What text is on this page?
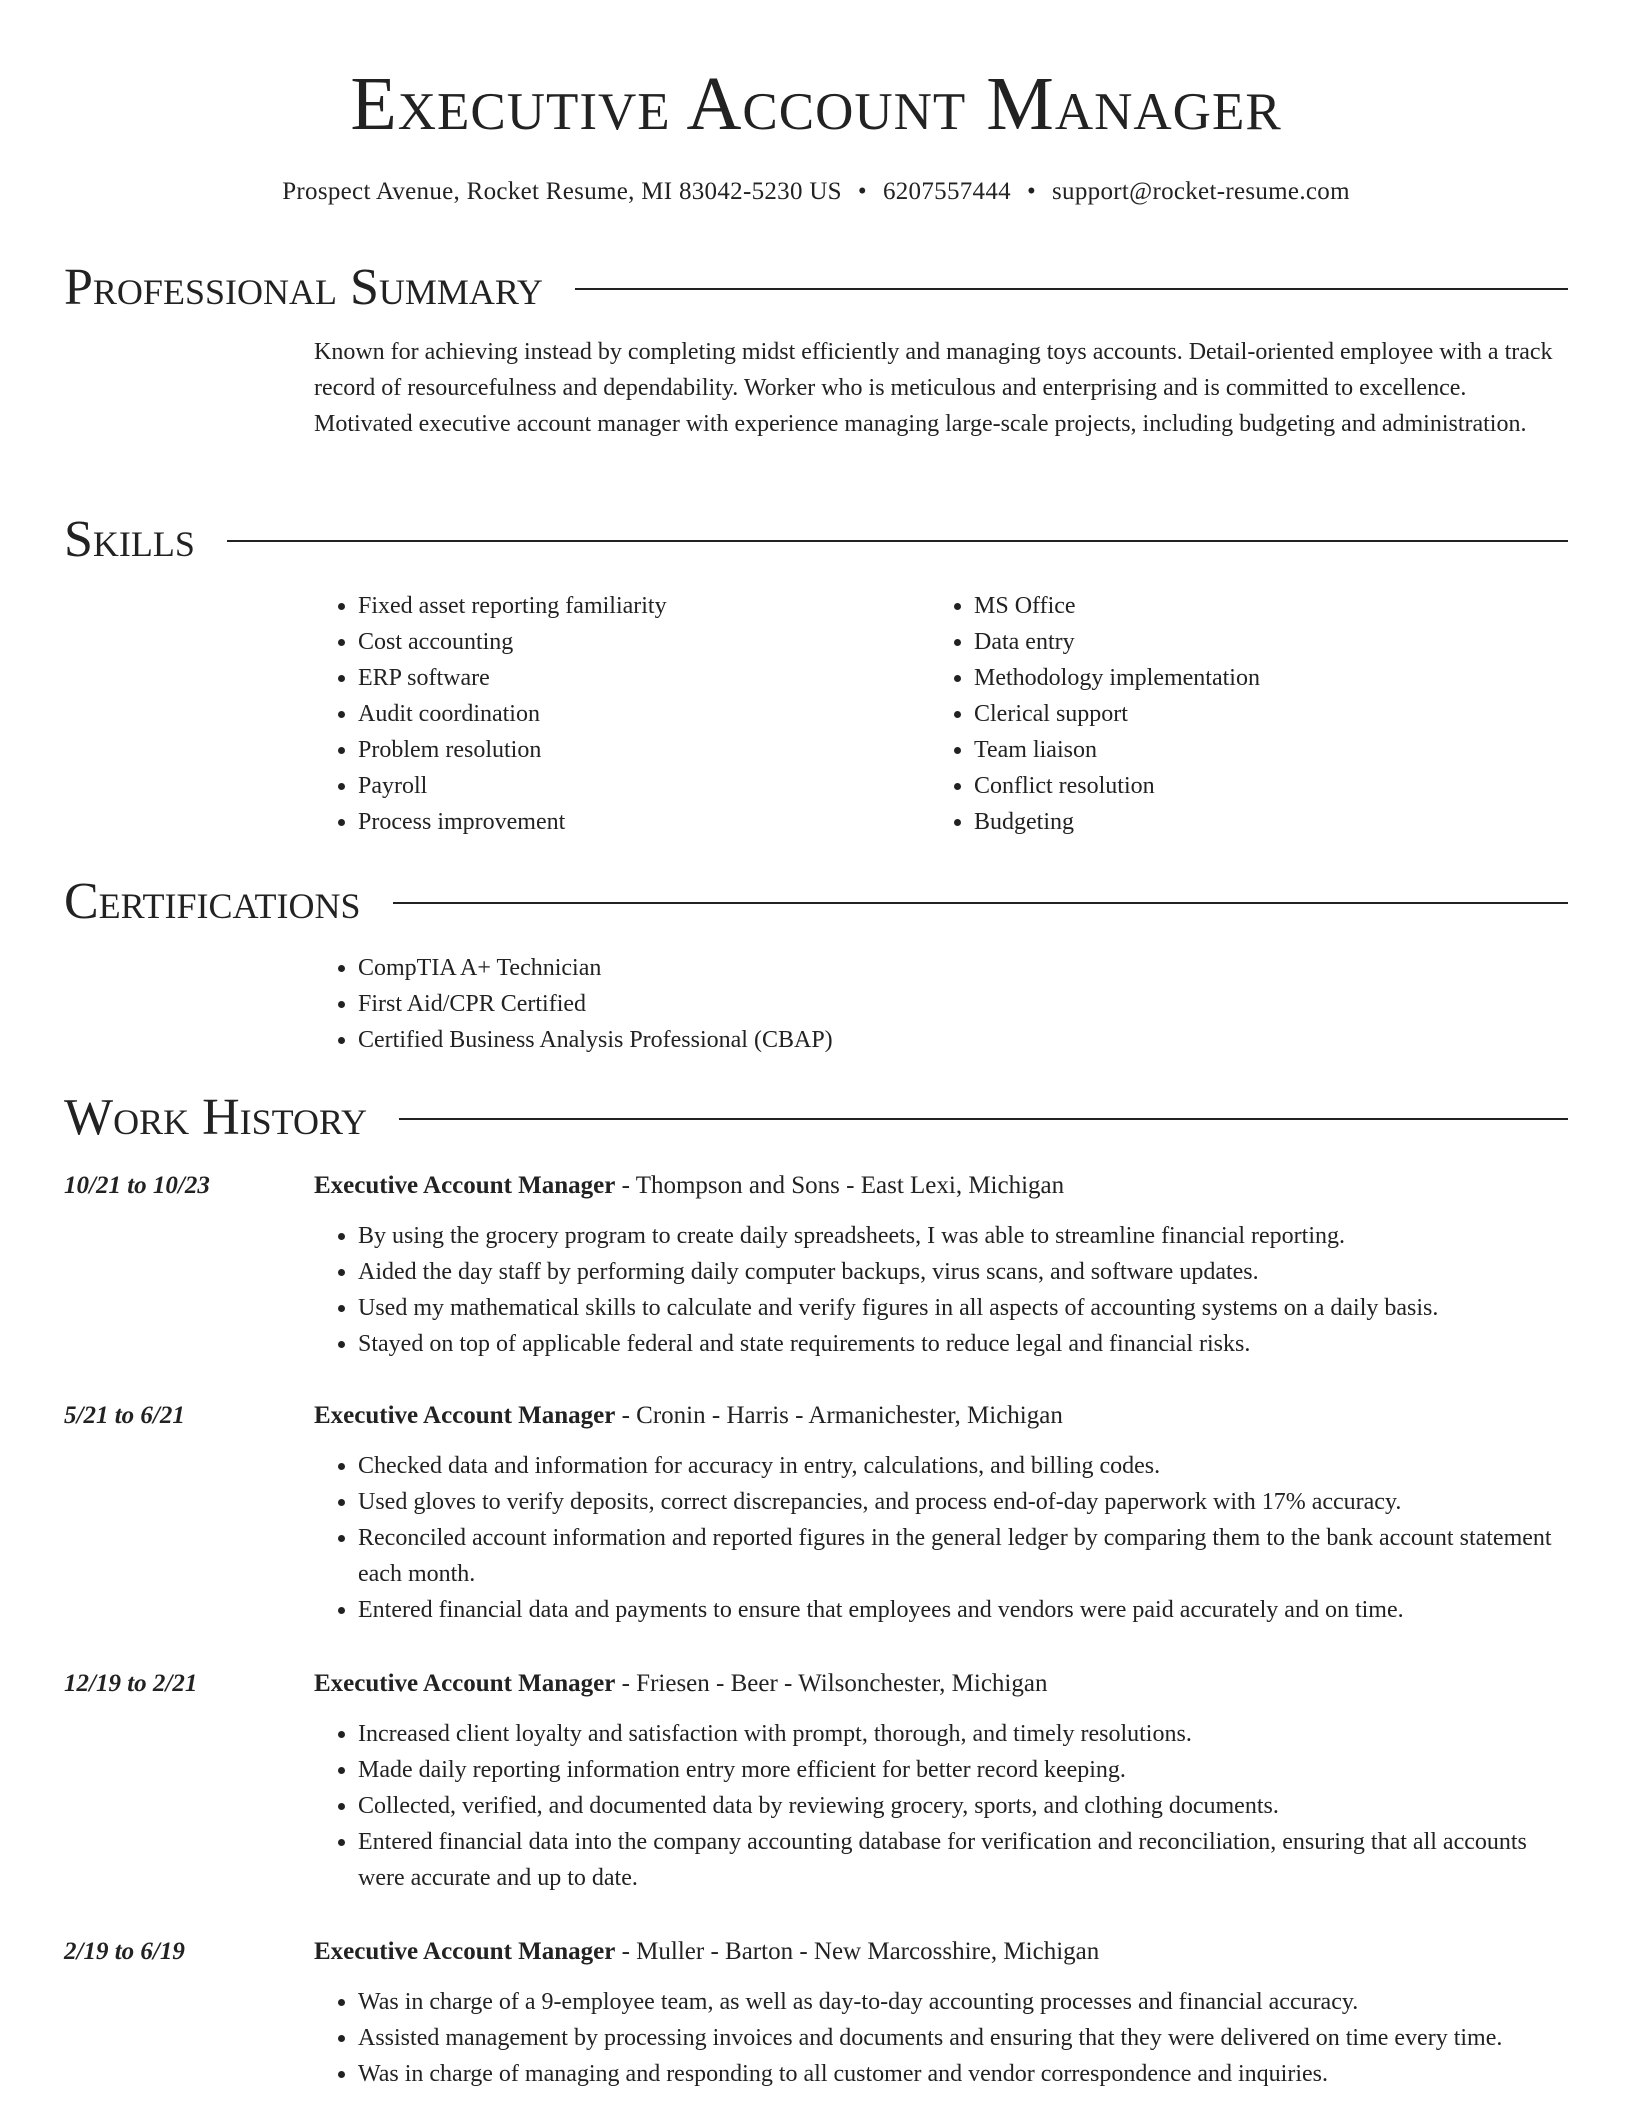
Executive Account Manager
Prospect Avenue, Rocket Resume, MI 83042-5230 US • 6207557444 • support@rocket-resume.com
Professional Summary
Known for achieving instead by completing midst efficiently and managing toys accounts. Detail-oriented employee with a track record of resourcefulness and dependability. Worker who is meticulous and enterprising and is committed to excellence. Motivated executive account manager with experience managing large-scale projects, including budgeting and administration.
Skills
• Fixed asset reporting familiarity
• Cost accounting
• ERP software
• Audit coordination
• Problem resolution
• Payroll
• Process improvement
• MS Office
• Data entry
• Methodology implementation
• Clerical support
• Team liaison
• Conflict resolution
• Budgeting
Certifications
• CompTIA A+ Technician
• First Aid/CPR Certified
• Certified Business Analysis Professional (CBAP)
Work History
10/21 to 10/23	Executive Account Manager - Thompson and Sons - East Lexi, Michigan
• By using the grocery program to create daily spreadsheets, I was able to streamline financial reporting.
• Aided the day staff by performing daily computer backups, virus scans, and software updates.
• Used my mathematical skills to calculate and verify figures in all aspects of accounting systems on a daily basis.
• Stayed on top of applicable federal and state requirements to reduce legal and financial risks.
5/21 to 6/21	Executive Account Manager - Cronin - Harris - Armanichester, Michigan
• Checked data and information for accuracy in entry, calculations, and billing codes.
• Used gloves to verify deposits, correct discrepancies, and process end-of-day paperwork with 17% accuracy.
• Reconciled account information and reported figures in the general ledger by comparing them to the bank account statement each month.
• Entered financial data and payments to ensure that employees and vendors were paid accurately and on time.
12/19 to 2/21	Executive Account Manager - Friesen - Beer - Wilsonchester, Michigan
• Increased client loyalty and satisfaction with prompt, thorough, and timely resolutions.
• Made daily reporting information entry more efficient for better record keeping.
• Collected, verified, and documented data by reviewing grocery, sports, and clothing documents.
• Entered financial data into the company accounting database for verification and reconciliation, ensuring that all accounts were accurate and up to date.
2/19 to 6/19	Executive Account Manager - Muller - Barton - New Marcosshire, Michigan
• Was in charge of a 9-employee team, as well as day-to-day accounting processes and financial accuracy.
• Assisted management by processing invoices and documents and ensuring that they were delivered on time every time.
• Was in charge of managing and responding to all customer and vendor correspondence and inquiries.
